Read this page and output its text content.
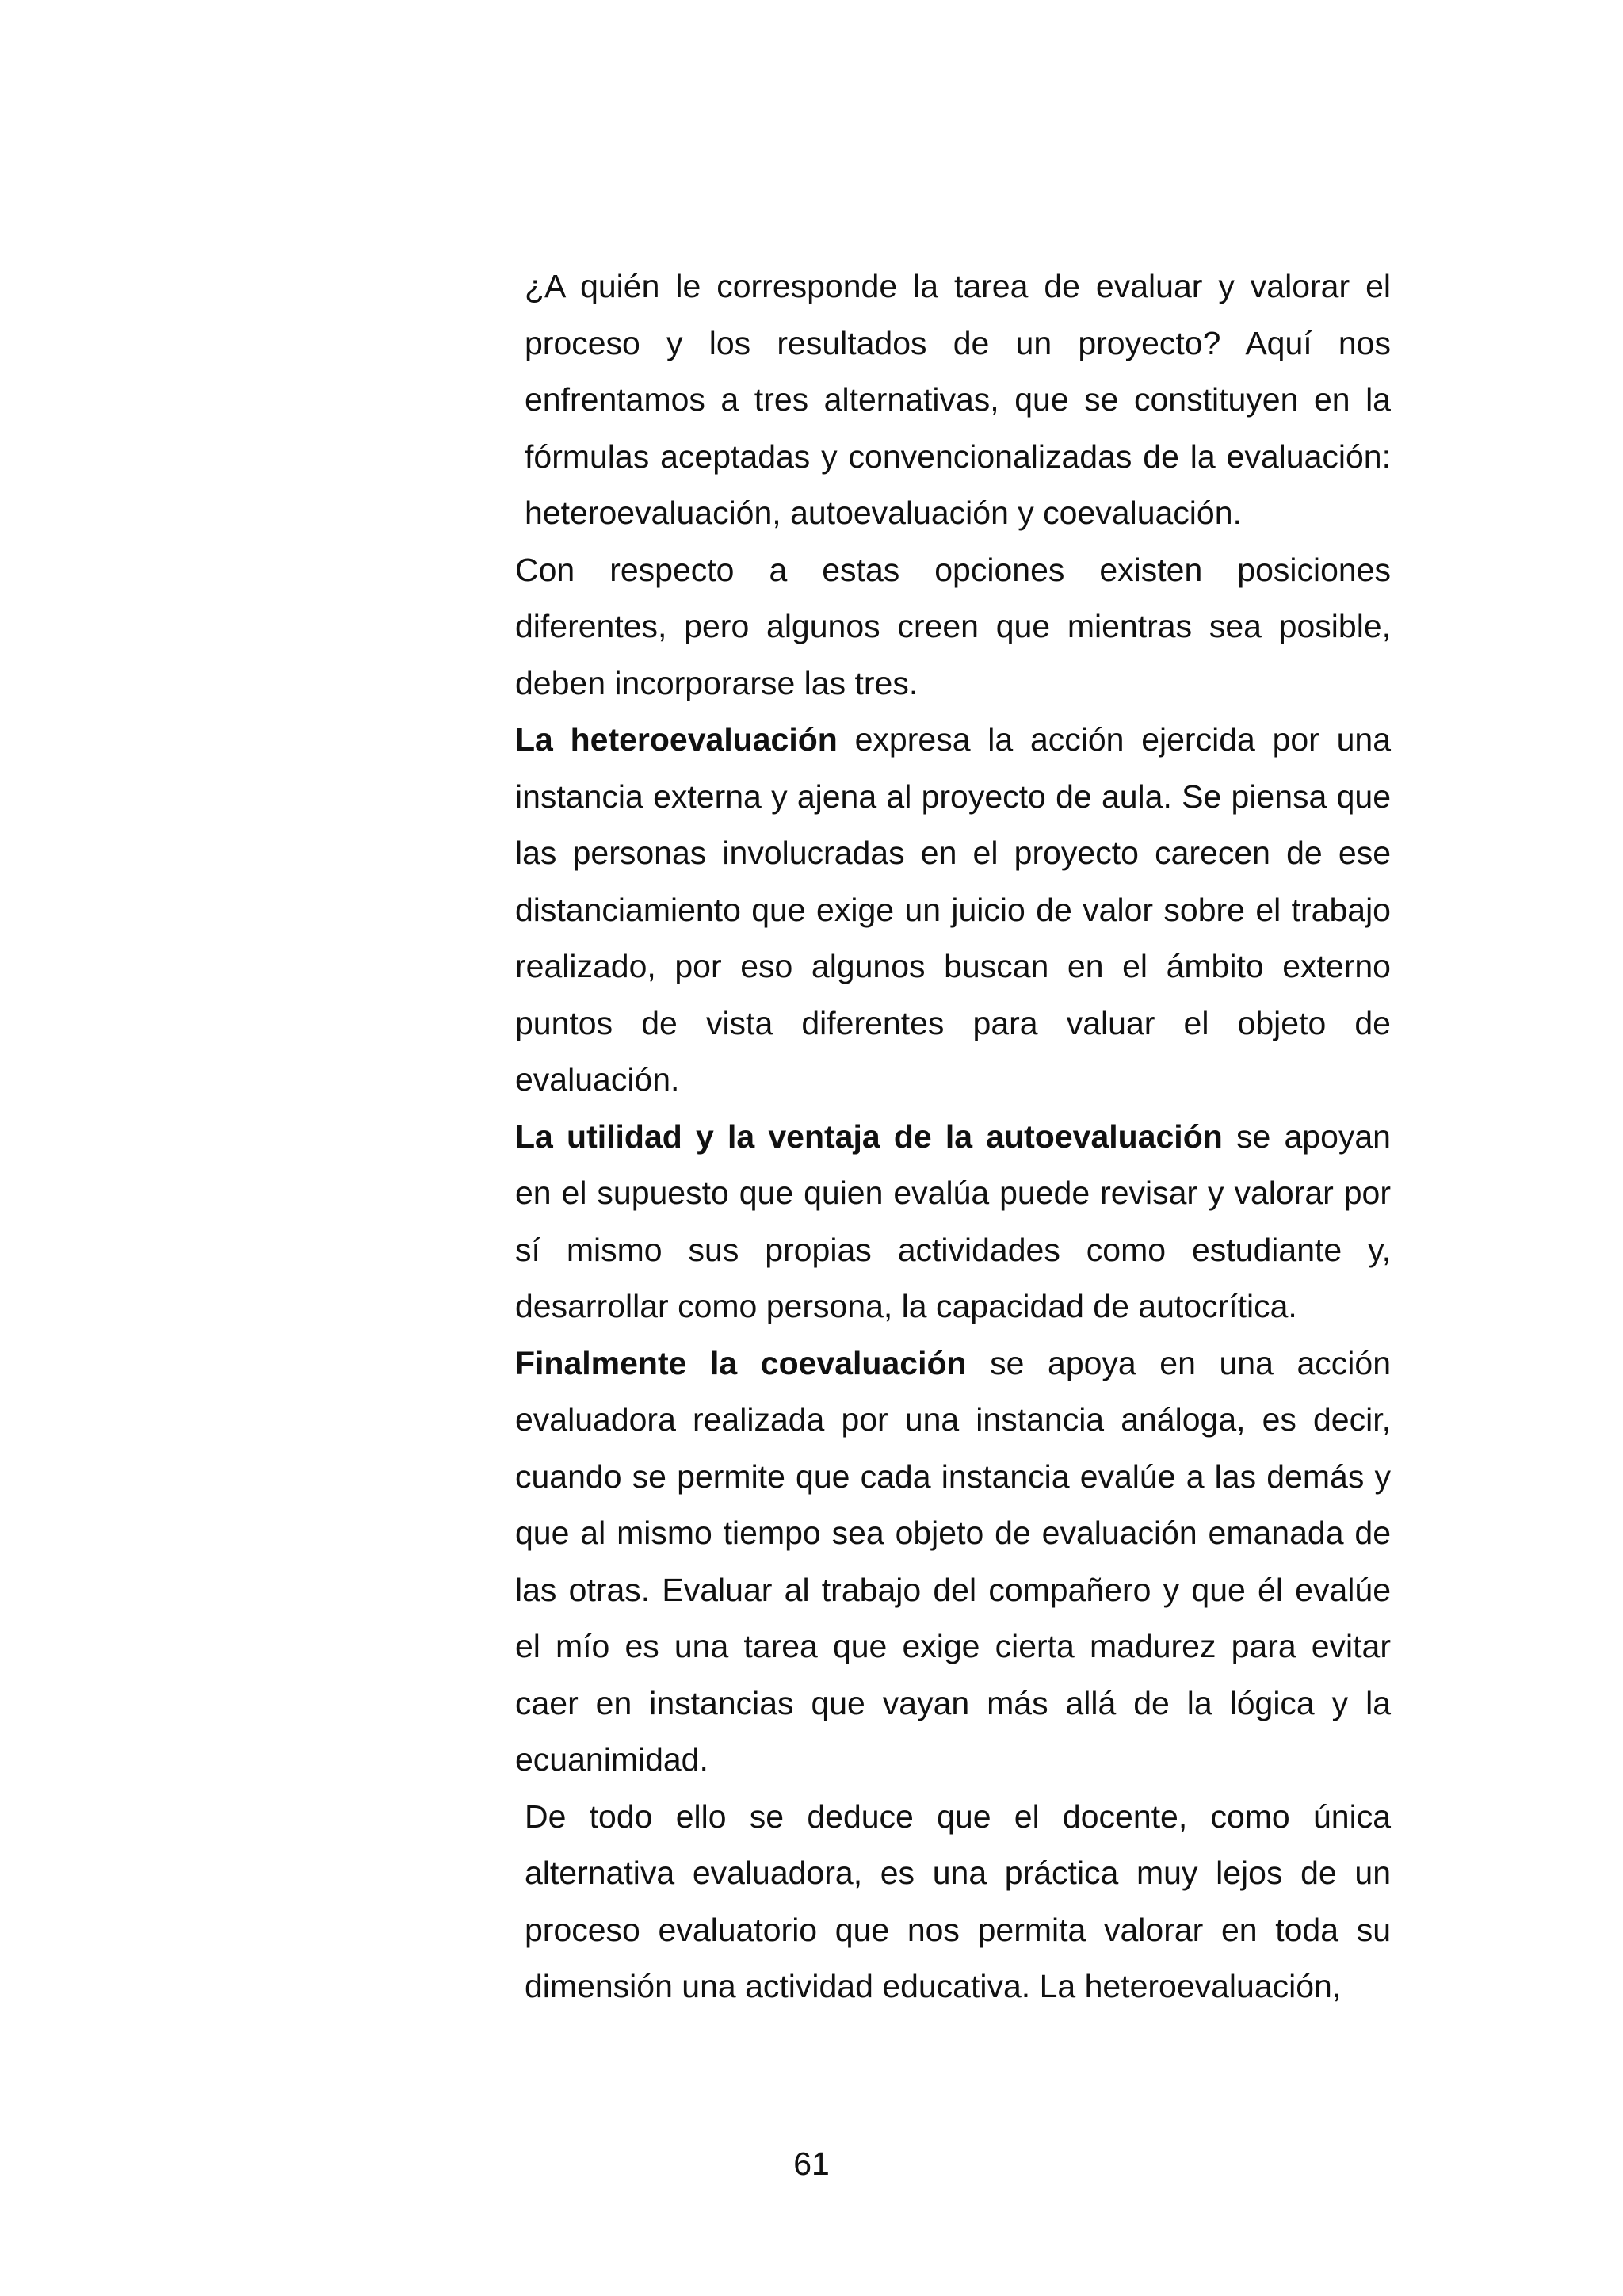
¿A quién le corresponde la tarea de evaluar y valorar el proceso y los resultados de un proyecto? Aquí nos enfrentamos a tres alternativas, que se constituyen en la fórmulas aceptadas y convencionalizadas de la evaluación: heteroevaluación, autoevaluación y coevaluación.

Con respecto a estas opciones existen posiciones diferentes, pero algunos creen que mientras sea posible, deben incorporarse las tres.

La heteroevaluación expresa la acción ejercida por una instancia externa y ajena al proyecto de aula. Se piensa que las personas involucradas en el proyecto carecen de ese distanciamiento que exige un juicio de valor sobre el trabajo realizado, por eso algunos buscan en el ámbito externo puntos de vista diferentes para valuar el objeto de evaluación.

La utilidad y la ventaja de la autoevaluación se apoyan en el supuesto que quien evalúa puede revisar y valorar por sí mismo sus propias actividades como estudiante y, desarrollar como persona, la capacidad de autocrítica.

Finalmente la coevaluación se apoya en una acción evaluadora realizada por una instancia análoga, es decir, cuando se permite que cada instancia evalúe a las demás y que al mismo tiempo sea objeto de evaluación emanada de las otras. Evaluar al trabajo del compañero y que él evalúe el mío es una tarea que exige cierta madurez para evitar caer en instancias que vayan más allá de la lógica y la ecuanimidad.

De todo ello se deduce que el docente, como única alternativa evaluadora, es una práctica muy lejos de un proceso evaluatorio que nos permita valorar en toda su dimensión una actividad educativa. La heteroevaluación,

61
